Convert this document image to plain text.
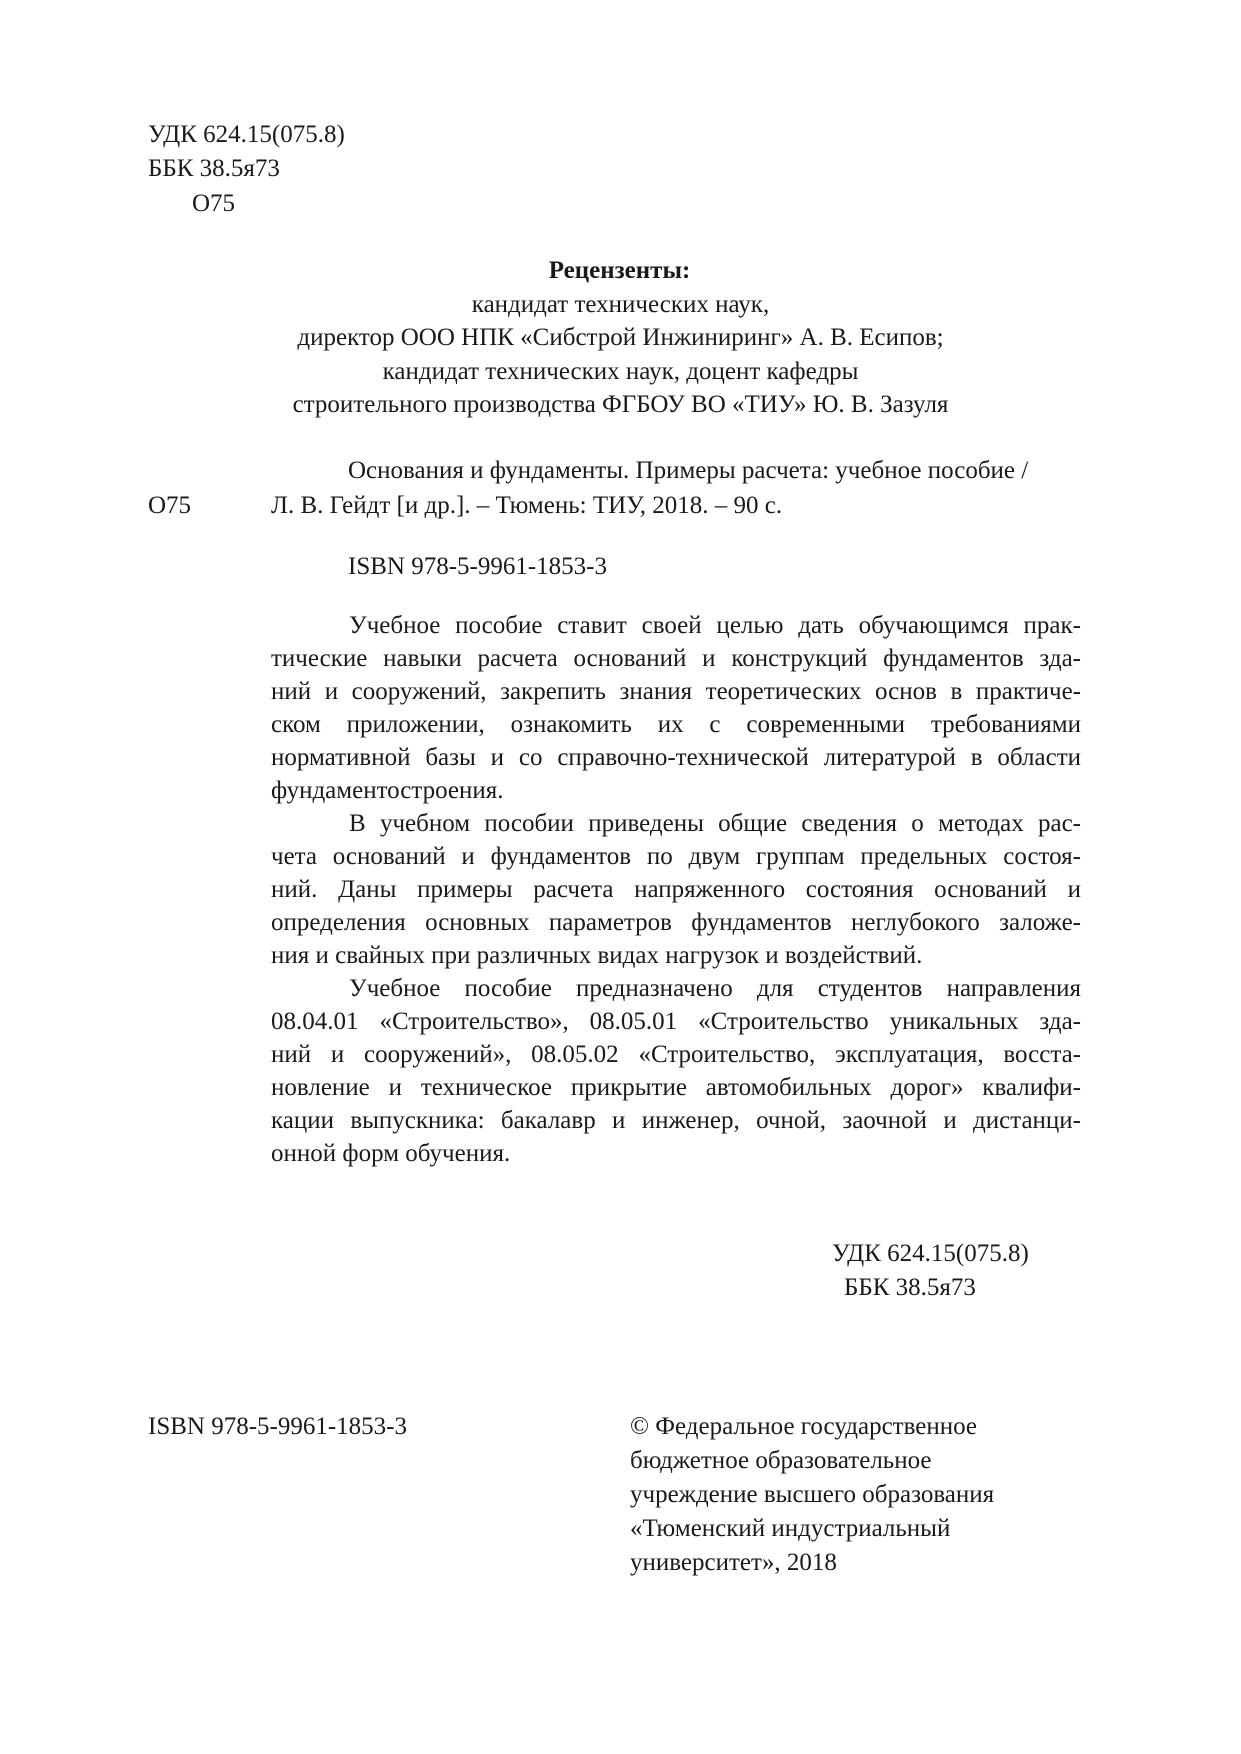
УДК 624.15(075.8)
ББК 38.5я73
О75
Рецензенты:
кандидат технических наук,
директор ООО НПК «Сибстрой Инжиниринг» А. В. Есипов;
кандидат технических наук, доцент кафедры
строительного производства ФГБОУ ВО «ТИУ» Ю. В. Зазуля
Основания и фундаменты. Примеры расчета: учебное пособие /
О75	Л. В. Гейдт [и др.]. – Тюмень: ТИУ, 2018. – 90 с.
ISBN 978-5-9961-1853-3
Учебное пособие ставит своей целью дать обучающимся прак-
тические навыки расчета оснований и конструкций фундаментов зда-
ний и сооружений, закрепить знания теоретических основ в практиче-
ском приложении, ознакомить их с современными требованиями
нормативной базы и со справочно-технической литературой в области
фундаментостроения.
В учебном пособии приведены общие сведения о методах рас-
чета оснований и фундаментов по двум группам предельных состоя-
ний. Даны примеры расчета напряженного состояния оснований и
определения основных параметров фундаментов неглубокого заложе-
ния и свайных при различных видах нагрузок и воздействий.
Учебное пособие предназначено для студентов направления
08.04.01 «Строительство», 08.05.01 «Строительство уникальных зда-
ний и сооружений», 08.05.02 «Строительство, эксплуатация, восста-
новление и техническое прикрытие автомобильных дорог» квалифи-
кации выпускника: бакалавр и инженер, очной, заочной и дистанци-
онной форм обучения.
УДК 624.15(075.8)
ББК 38.5я73
ISBN 978-5-9961-1853-3	© Федеральное государственное
бюджетное образовательное
учреждение высшего образования
«Тюменский индустриальный
университет», 2018
